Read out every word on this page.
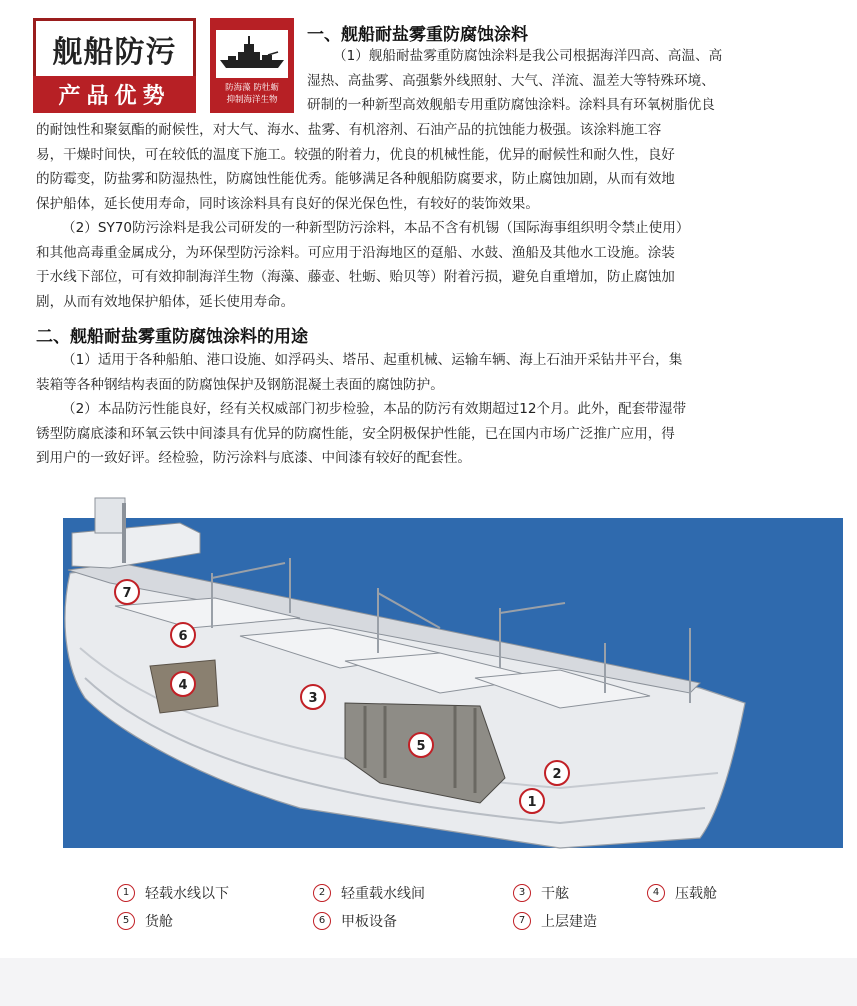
舰船防污
产品优势	防海藻 防牡蛎
抑制海洋生物
一、舰船耐盐雾重防腐蚀涂料
（1）舰船耐盐雾重防腐蚀涂料是我公司根据海洋四高、高温、高
湿热、高盐雾、高强紫外线照射、大气、洋流、温差大等特殊环境、
研制的一种新型高效舰船专用重防腐蚀涂料。涂料具有环氧树脂优良
的耐蚀性和聚氨酯的耐候性，对大气、海水、盐雾、有机溶剂、石油产品的抗蚀能力极强。该涂料施工容
易，干燥时间快，可在较低的温度下施工。较强的附着力，优良的机械性能，优异的耐候性和耐久性，良好
的防霉变，防盐雾和防湿热性，防腐蚀性能优秀。能够满足各种舰船防腐要求，防止腐蚀加剧，从而有效地
保护船体，延长使用寿命，同时该涂料具有良好的保光保色性，有较好的装饰效果。
（2）SY70防污涂料是我公司研发的一种新型防污涂料，本品不含有机锡（国际海事组织明令禁止使用）
和其他高毒重金属成分，为环保型防污涂料。可应用于沿海地区的趸船、水鼓、渔船及其他水工设施。涂装
于水线下部位，可有效抑制海洋生物（海藻、藤壶、牡蛎、贻贝等）附着污损，避免自重增加，防止腐蚀加
剧，从而有效地保护船体，延长使用寿命。
二、舰船耐盐雾重防腐蚀涂料的用途
（1）适用于各种船舶、港口设施、如浮码头、塔吊、起重机械、运输车辆、海上石油开采钻井平台，集
装箱等各种钢结构表面的防腐蚀保护及钢筋混凝土表面的腐蚀防护。
（2）本品防污性能良好，经有关权威部门初步检验，本品的防污有效期超过12个月。此外，配套带湿带
锈型防腐底漆和环氧云铁中间漆具有优异的防腐性能，安全阴极保护性能，已在国内市场广泛推广应用，得
到用户的一致好评。经检验，防污涂料与底漆、中间漆有较好的配套性。
1
2
3
4
5
6
7
1	轻载水线以下	2	轻重载水线间	3	干舷	4	压载舱
5	货舱	6	甲板设备	7	上层建造
